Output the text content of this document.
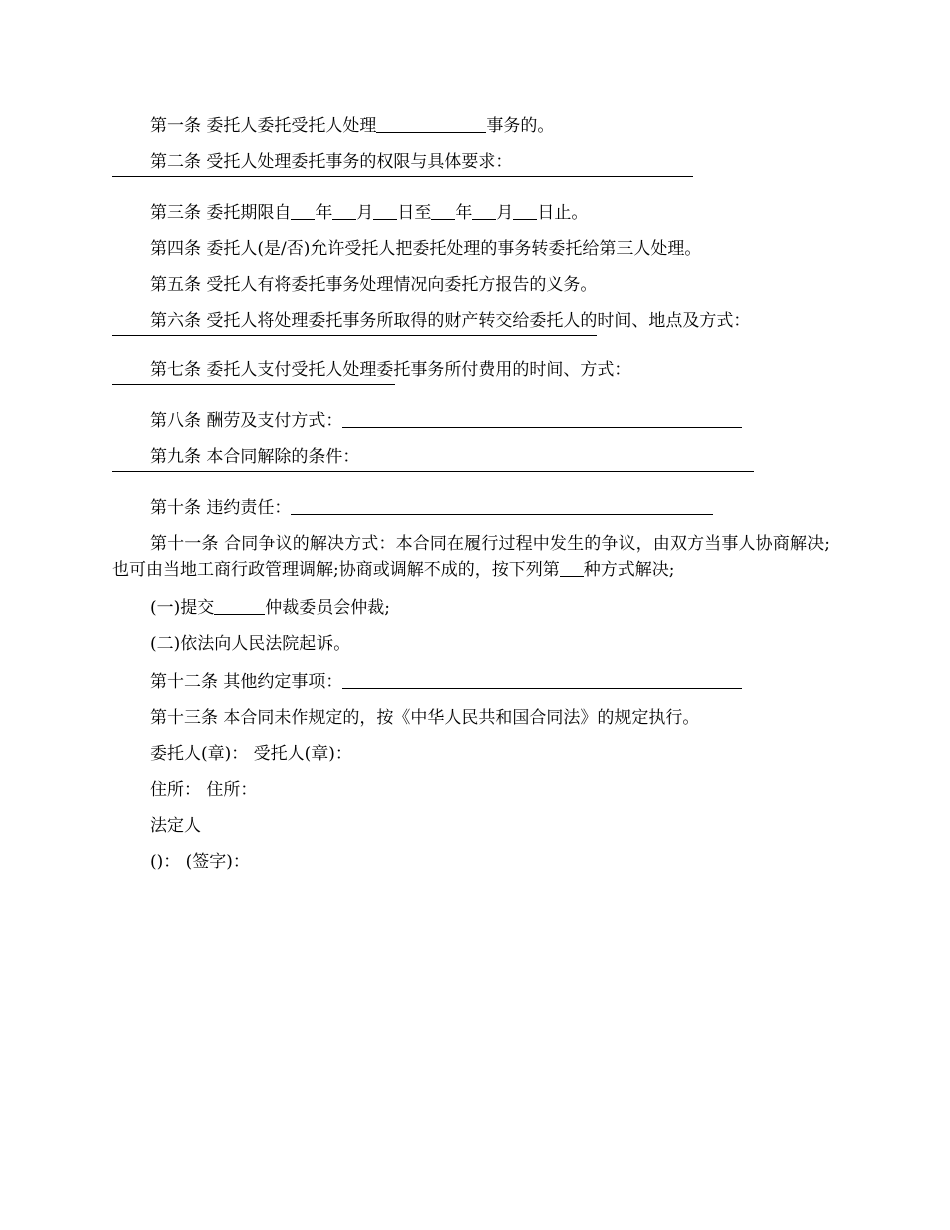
第一条 委托人委托受托人处理	事务的。

第二条 受托人处理委托事务的权限与具体要求：

第三条 委托期限自 年 月 日至 年 月 日止。

第四条 委托人(是/否)允许受托人把委托处理的事务转委托给第三人处理。

第五条 受托人有将委托事务处理情况向委托方报告的义务。

第六条 受托人将处理委托事务所取得的财产转交给委托人的时间、地点及方式：

第七条 委托人支付受托人处理委托事务所付费用的时间、方式：

第八条 酬劳及支付方式：

第九条 本合同解除的条件：

第十条 违约责任：

第十一条 合同争议的解决方式：本合同在履行过程中发生的争议，由双方当事人协商解决;也可由当地工商行政管理调解;协商或调解不成的，按下列第 种方式解决;

(一)提交	仲裁委员会仲裁;

(二)依法向人民法院起诉。

第十二条 其他约定事项：

第十三条 本合同未作规定的，按《中华人民共和国合同法》的规定执行。

委托人(章)： 受托人(章)：

住所： 住所：

法定人

()： (签字)：
